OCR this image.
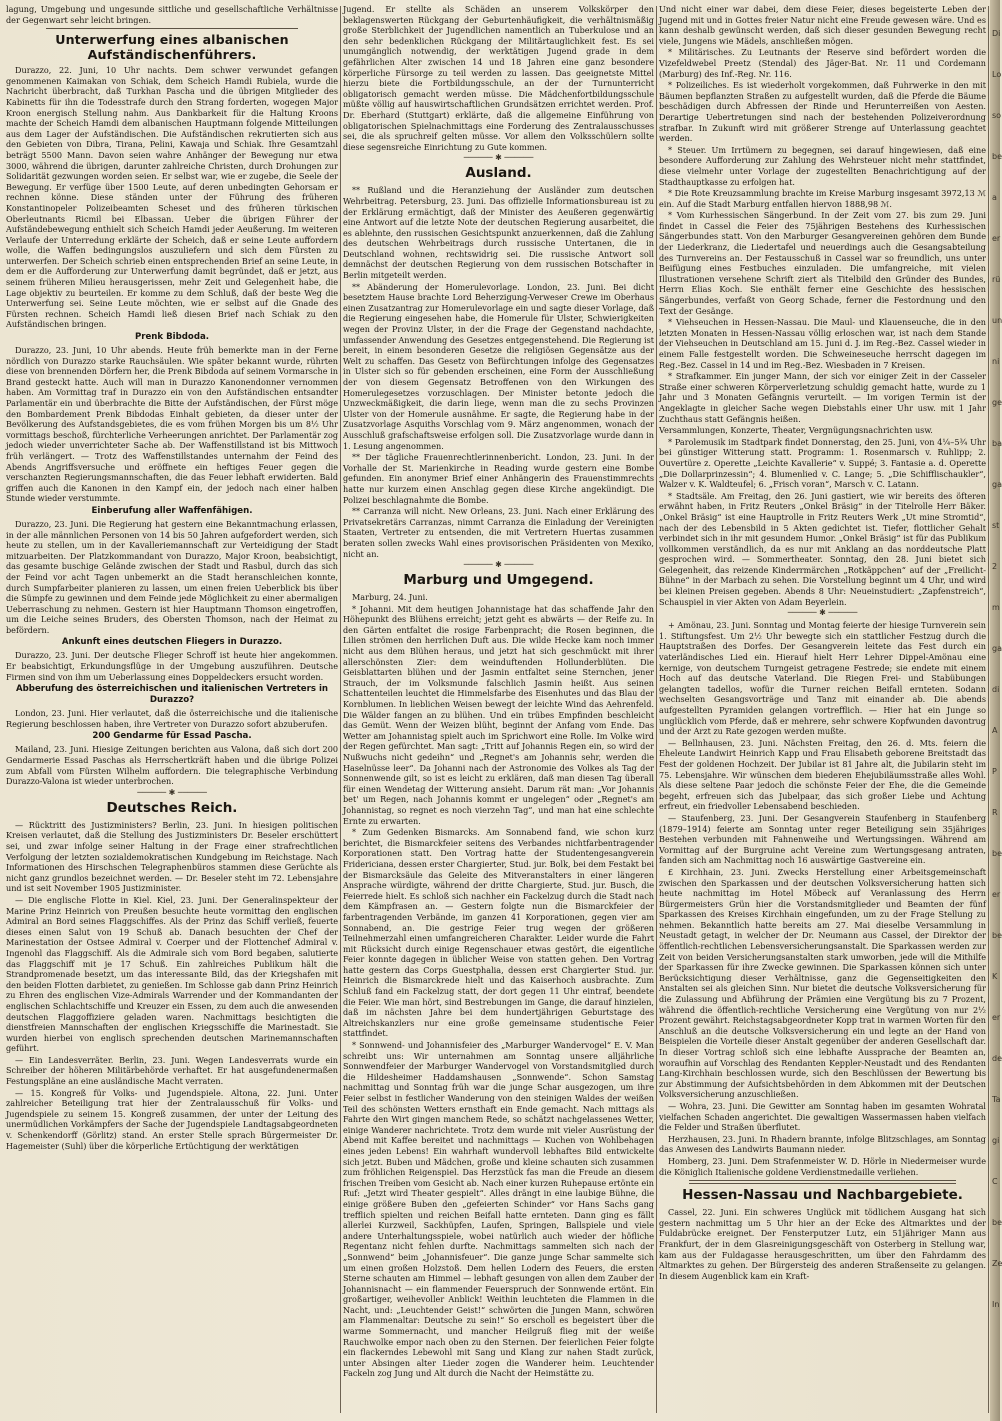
lagung, Umgebung und ungesunde sittliche und gesellschaftliche Verhältnisse der Gegenwart sehr leicht bringen.

Unterwerfung eines albanischen Aufständischenführers.

Durazzo, 22. Juni, 10 Uhr nachts. Dem schwer verwundet gefangen genommenen Kaimakan von Schiak, dem Scheich Hamdi Rubiela, wurde die Nachricht überbracht, daß Turkhan Pascha und die übrigen Mitglieder des Kabinetts für ihn die Todesstrafe durch den Strang forderten, wogegen Major Kroon energisch Stellung nahm. Aus Dankbarkeit für die Haltung Kroons machte der Scheich Hamdi dem albanischen Hauptmann folgende Mitteilungen aus dem Lager der Aufständischen. Die Aufständischen rekrutierten sich aus den Gebieten von Dibra, Tirana, Pelini, Kawaja und Schiak. Ihre Gesamtzahl beträgt 5500 Mann. Davon seien wahre Anhänger der Bewegung nur etwa 3000, während die übrigen, darunter zahlreiche Christen, durch Drohungen zur Solidarität gezwungen worden seien. Er selbst war, wie er zugebe, die Seele der Bewegung. Er verfüge über 1500 Leute, auf deren unbedingten Gehorsam er rechnen könne. Diese ständen unter der Führung des früheren Konstantinopeler Polizeibeamten Scheset und des früheren türkischen Oberleutnants Ricmil bei Elbassan. Ueber die übrigen Führer der Aufständebewegung enthielt sich Scheich Hamdi jeder Aeußerung. Im weiteren Verlaufe der Unterredung erklärte der Scheich, daß er seine Leute auffordern wolle, die Waffen bedingungslos auszuliefern und sich dem Fürsten zu unterwerfen. Der Scheich schrieb einen entsprechenden Brief an seine Leute, in dem er die Aufforderung zur Unterwerfung damit begründet, daß er jetzt, aus seinem früheren Milieu herausgerissen, mehr Zeit und Gelegenheit habe, die Lage objektiv zu beurteilen. Er komme zu dem Schluß, daß der beste Weg die Unterwerfung sei. Seine Leute möchten, wie er selbst auf die Gnade des Fürsten rechnen. Scheich Hamdi ließ diesen Brief nach Schiak zu den Aufständischen bringen.

Prenk Bibdoda.

Durazzo, 23. Juni, 10 Uhr abends. Heute früh bemerkte man in der Ferne nördlich von Durazzo starke Rauchsäulen. Wie später bekannt wurde, rührten diese von brennenden Dörfern her, die Prenk Bibdoda auf seinem Vormarsche in Brand gesteckt hatte. Auch will man in Durazzo Kanonendonner vernommen haben. Am Vormittag traf in Durazzo ein von den Aufständischen entsandter Parlamentär ein und überbrachte die Bitte der Aufständischen, der Fürst möge den Bombardement Prenk Bibdodas Einhalt gebieten, da dieser unter der Bevölkerung des Aufstandsgebietes, die es vom frühen Morgen bis um 8½ Uhr vormittags beschoß, fürchterliche Verheerungen anrichtet. Der Parlamentär zog jedoch wieder unverrichteter Sache ab. Der Waffenstillstand ist bis Mittwoch früh verlängert. — Trotz des Waffenstillstandes unternahm der Feind des Abends Angriffsversuche und eröffnete ein heftiges Feuer gegen die verschanzten Regierungsmannschaften, die das Feuer lebhaft erwiderten. Bald griffen auch die Kanonen in den Kampf ein, der jedoch nach einer halben Stunde wieder verstummte.

Einberufung aller Waffenfähigen.

Durazzo, 23. Juni. Die Regierung hat gestern eine Bekanntmachung erlassen, in der alle männlichen Personen von 14 bis 50 Jahren aufgefordert werden, sich heute zu stellen, um in der Kavalleriemannschaft zur Verteidigung der Stadt mitzuarbeiten. Der Platzkommandant von Durazzo, Major Kroon, beabsichtigt, das gesamte buschige Gelände zwischen der Stadt und Rasbul, durch das sich der Feind vor acht Tagen unbemerkt an die Stadt heranschleichen konnte, durch Sumpfarbeiter planieren zu lassen, um einen freien Ueberblick bis über die Sümpfe zu gewinnen und dem Feinde jede Möglichkeit zu einer abermaligen Ueberraschung zu nehmen. Gestern ist hier Hauptmann Thomson eingetroffen, um die Leiche seines Bruders, des Obersten Thomson, nach der Heimat zu befördern.

Ankunft eines deutschen Fliegers in Durazzo.

Durazzo, 23. Juni. Der deutsche Flieger Schroff ist heute hier angekommen. Er beabsichtigt, Erkundungsflüge in der Umgebung auszuführen. Deutsche Firmen sind von ihm um Ueberlassung eines Doppeldeckers ersucht worden.

Abberufung des österreichischen und italienischen Vertreters in Durazzo?

London, 23. Juni. Hier verlautet, daß die österreichische und die italienische Regierung beschlossen haben, ihre Vertreter von Durazzo sofort abzuberufen.

200 Gendarme für Essad Pascha.

Mailand, 23. Juni. Hiesige Zeitungen berichten aus Valona, daß sich dort 200 Gendarmerie Essad Paschas als Herrschertkräft haben und die übrige Polizei zum Abfall vom Fürsten Wilhelm auffordern. Die telegraphische Verbindung Durazzo-Valona ist wieder unterbrochen.

────── ✱ ──────
Deutsches Reich.

— Rücktritt des Justizministers? Berlin, 23. Juni. In hiesigen politischen Kreisen verlautet, daß die Stellung des Justizministers Dr. Beseler erschüttert sei, und zwar infolge seiner Haltung in der Frage einer strafrechtlichen Verfolgung der letzten sozialdemokratischen Kundgebung im Reichstage. Nach Informationen des Hirschschen Telegraphenbüros stammen diese Gerüchte als nicht ganz grundlos bezeichnet werden. — Dr. Beseler steht im 72. Lebensjahre und ist seit November 1905 Justizminister.

— Die englische Flotte in Kiel. Kiel, 23. Juni. Der Generalinspekteur der Marine Prinz Heinrich von Preußen besuchte heute vormittag den englischen Admiral an Bord seines Flaggschiffes. Als der Prinz das Schiff verließ, feuerte dieses einen Salut von 19 Schuß ab. Danach besuchten der Chef der Marinestation der Ostsee Admiral v. Coerper und der Flottenchef Admiral v. Ingenohl das Flaggschiff. Als die Admirale sich vom Bord begaben, salutierte das Flaggschiff mit je 17 Schuß. Ein zahlreiches Publikum hält die Strandpromenade besetzt, um das interessante Bild, das der Kriegshafen mit den beiden Flotten darbietet, zu genießen. Im Schlosse gab dann Prinz Heinrich zu Ehren des englischen Vize-Admirals Warrender und der Kommandanten der englischen Schlachtschiffe und Kreuzer ein Essen, zu dem auch die anwesenden deutschen Flaggoffiziere geladen waren. Nachmittags besichtigten die dienstfreien Mannschaften der englischen Kriegsschiffe die Marinestadt. Sie wurden hierbei von englisch sprechenden deutschen Marinemannschaften geführt.

— Ein Landesverräter. Berlin, 23. Juni. Wegen Landesverrats wurde ein Schreiber der höheren Militärbehörde verhaftet. Er hat ausgefundenermaßen Festungspläne an eine ausländische Macht verraten.

— 15. Kongreß für Volks- und Jugendspiele. Altona, 22. Juni. Unter zahlreicher Beteiligung trat hier der Zentralausschuß für Volks- und Jugendspiele zu seinem 15. Kongreß zusammen, der unter der Leitung des unermüdlichen Vorkämpfers der Sache der Jugendspiele Landtagsabgeordneten v. Schenkendorff (Görlitz) stand. An erster Stelle sprach Bürgermeister Dr. Hagemeister (Suhl) über die körperliche Ertüchtigung der werktätigen

Jugend. Er stellte als Schäden an unserem Volkskörper den beklagenswerten Rückgang der Geburtenhäufigkeit, die verhältnismäßig große Sterblichkeit der Jugendlichen namentlich an Tuberkulose und an den sehr bedenklichen Rückgang der Militärtauglichkeit fest. Es sei unumgänglich notwendig, der werktätigen Jugend grade in dem gefährlichen Alter zwischen 14 und 18 Jahren eine ganz besondere körperliche Fürsorge zu teil werden zu lassen. Das geeignetste Mittel hierzu biete die Fortbildungsschule, an der der Turnunterricht obligatorisch gemacht werden müsse. Die Mädchenfortbildungsschule müßte völlig auf hauswirtschaftlichen Grundsätzen errichtet werden. Prof. Dr. Eberhard (Stuttgart) erklärte, daß die allgemeine Einführung von obligatorischen Spielnachmittags eine Forderung des Zentralausschusses sei, die als spruchreif gelten müsse. Vor allem den Volksschülern sollte diese segensreiche Einrichtung zu Gute kommen.

────── ✱ ──────
Ausland.

** Rußland und die Heranziehung der Ausländer zum deutschen Wehrbeitrag. Petersburg, 23. Juni. Das offizielle Informationsbureau ist zu der Erklärung ermächtigt, daß der Minister des Aeußeren gegenwärtig eine Antwort auf die letzte Note der deutschen Regierung ausarbeitet, die es ablehnte, den russischen Gesichtspunkt anzuerkennen, daß die Zahlung des deutschen Wehrbeitrags durch russische Untertanen, die in Deutschland wohnen, rechtswidrig sei. Die russische Antwort soll demnächst der deutschen Regierung von dem russischen Botschafter in Berlin mitgeteilt werden.

** Abänderung der Homerulevorlage. London, 23. Juni. Bei dicht besetztem Hause brachte Lord Beherzigung-Verweser Crewe im Oberhaus einen Zusatzantrag zur Homerulevorlage ein und sagte dieser Vorlage, daß die Regierung eingesehen habe, die Homerule für Ulster, Schwierigkeiten wegen der Provinz Ulster, in der die Frage der Gegenstand nachdachte, umfassender Anwendung des Gesetzes entgegenstehend. Die Regierung ist bereit, in einem besonderen Gesetze die religiösen Gegensätze aus der Welt zu schaffen. Das Gesetz von Befürchtungen infolge des Gegensatzes in Ulster sich so für gebenden erscheinen, eine Form der Ausschließung der von diesem Gegensatz Betroffenen von den Wirkungen des Homerulegesetzes vorzuschlagen. Der Minister betonte jedoch die Unzweckmäßigkeit, die darin liege, wenn man die zu sechs Provinzen Ulster von der Homerule ausnähme. Er sagte, die Regierung habe in der Zusatzvorlage Asquiths Vorschlag vom 9. März angenommen, wonach der Ausschluß grafschaftsweise erfolgen soll. Die Zusatzvorlage wurde dann in 1. Lesung angenommen.

** Der tägliche Frauenrechtlerinnenbericht. London, 23. Juni. In der Vorhalle der St. Marienkirche in Reading wurde gestern eine Bombe gefunden. Ein anonymer Brief einer Anhängerin des Frauenstimmrechts hatte nur kurzem einen Anschlag gegen diese Kirche angekündigt. Die Polizei beschlagnahmte die Bombe.

** Carranza will nicht. New Orleans, 23. Juni. Nach einer Erklärung des Privatsekretärs Carranzas, nimmt Carranza die Einladung der Vereinigten Staaten, Vertreter zu entsenden, die mit Vertretern Huertas zusammen beraten sollen zwecks Wahl eines provisorischen Präsidenten von Mexiko, nicht an.

────── ✱ ──────
Marburg und Umgegend.

Marburg, 24. Juni.

* Johanni. Mit dem heutigen Johannistage hat das schaffende Jahr den Höhepunkt des Blühens erreicht; jetzt geht es abwärts — der Reife zu. In den Gärten entfaltet die rosige Farbenpracht; die Rosen beginnen, die Lilien strömen den herrlichen Duft aus. Die wilde Hecke kam noch immer nicht aus dem Blühen heraus, und jetzt hat sich geschmückt mit ihrer allerschönsten Zier: dem weinduftenden Hollunderblüten. Die Geisblattarten blühen und der Jasmin entfaltet seine Sternchen, jener Strauch, der im Volksmunde falschlich Jasmin heißt. Aus seinen Schattenteilen leuchtet die Himmelsfarbe des Eisenhutes und das Blau der Kornblumen. In lieblichen Weisen bewegt der leichte Wind das Aehrenfeld. Die Wälder fangen an zu blühen. Und ein trübes Empfinden beschleicht das Gemüt. Wenn der Weizen blüht, beginnt der Anfang vom Ende. Das Wetter am Johannistag spielt auch im Sprichwort eine Rolle. Im Volke wird der Regen gefürchtet. Man sagt: „Tritt auf Johannis Regen ein, so wird der Nußwuchs nicht gedeihn“ und „Regnet's am Johannis sehr, werden die Haselnüsse leer“. Da Johanni nach der Astronomie des Volkes als Tag der Sonnenwende gilt, so ist es leicht zu erklären, daß man diesen Tag überall für einen Wendetag der Witterung ansieht. Darum rät man: „Vor Johannis bet' um Regen, nach Johannis kommt er ungelegen“ oder „Regnet's am Johannistag, so regnet es noch vierzehn Tag“, und man hat eine schlechte Ernte zu erwarten.

* Zum Gedenken Bismarcks. Am Sonnabend fand, wie schon kurz berichtet, die Bismarckfeier seitens des Verbandes nichtfarbentragender Korporationen statt. Den Vortrag hatte der Studentengesangverein Fridericiana, dessen erster Chargierter, Stud. jur. Bolk, bei dem Festakt bei der Bismarcksäule das Geleite des Mitveranstalters in einer längeren Ansprache würdigte, während der dritte Chargierte, Stud. jur. Busch, die Feierrede hielt. Es schloß sich nachher ein Fackelzug durch die Stadt nach dem Kämpfrasen an. — Gestern folgte nun die Bismarckfeier der farbentragenden Verbände, im ganzen 41 Korporationen, gegen vier am Sonnabend, an. Die gestrige Feier trug wegen der größeren Teilnehmerzahl einen umfangreicheren Charakter. Leider wurde die Fahrt mit Rücksicht durch einige Regenschauer etwas gestört, die eigentliche Feier konnte dagegen in üblicher Weise von statten gehen. Den Vortrag hatte gestern das Corps Guestphalia, dessen erst Chargierter Stud. jur. Heinrich die Bismarckrede hielt und das Kaiserhoch ausbrachte. Zum Schluß fand ein Fackelzug statt, der dort gegen 11 Uhr eintraf, beendete die Feier. Wie man hört, sind Bestrebungen im Gange, die darauf hinzielen, daß im nächsten Jahre bei dem hundertjährigen Geburtstage des Altreichskanzlers nur eine große gemeinsame studentische Feier stattfindet.

* Sonnwend- und Johannisfeier des „Marburger Wandervogel“ E. V. Man schreibt uns: Wir unternahmen am Sonntag unsere alljährliche Sonnwendfeier der Marburger Wandervogel von Vorstandsmitglied durch die Hildesheimer Haddamshausen „Sonnwende“. Schon Samstag nachmittag und Sonntag früh war die junge Schar ausgezogen, um ihre Feier selbst in festlicher Wanderung von den steinigen Waldes der weißen Teil des schönsten Wetters ernsthaft ein Ende gemacht. Nach mittags als Fahrte den Wirt gingen manchem Rede, so schätzt nachgelassenes Wetter, einige Wanderer nachrichtete. Trotz dem wurde mit vieler Ausrüstung der Abend mit Kaffee bereitet und nachmittags — Kuchen von Wohlbehagen eines jeden Lebens! Ein wahrhaft wundervoll lebhaftes Bild entwickelte sich jetzt. Buben und Mädchen, große und kleine schauten sich zusammen zum fröhlichen Reigenspiel. Das Herzstück fas man die Freude an diesem frischen Treiben vom Gesicht ab. Nach einer kurzen Ruhepause ertönte ein Ruf: „Jetzt wird Theater gespielt“. Alles drängt in eine laubige Bühne, die einige größere Buben den „gefeierten Schinder“ vor Hans Sachs gang trefflich spielten und reichen Beifall hatte ernteten. Dann ging es fällt allerlei Kurzweil, Sackhüpfen, Laufen, Springen, Ballspiele und viele andere Unterhaltungsspiele, wobei natürlich auch wieder der höfliche Regentanz nicht fehlen durfte. Nachmittags sammelten sich nach der „Sonnwend“ beim „Johannisfeuer“. Die ganze junge Schar sammelte sich um einen großen Holzstoß. Dem hellen Lodern des Feuers, die ersten Sterne schauten am Himmel — lebhaft gesungen von allen dem Zauber der Johannisnacht — ein flammender Feuerspruch der Sonnwende ertönt. Ein großartiger, weihevoller Anblick! Weithin leuchteten die Flammen in die Nacht, und: „Leuchtender Geist!“ schwörten die Jungen Mann, schwören am Flammenaltar: Deutsche zu sein!“ So erscholl es begeistert über die warme Sommernacht, und mancher Heilgruß flieg mit der weiße Rauchwolke empor nach oben zu den Sternen. Der feierlichen Feier folgte ein flackerndes Lebewohl mit Sang und Klang zur nahen Stadt zurück, unter Absingen alter Lieder zogen die Wanderer heim. Leuchtender Fackeln zog Jung und Alt durch die Nacht der Heimstätte zu.

Und nicht einer war dabei, dem diese Feier, dieses begeisterte Leben der Jugend mit und in Gottes freier Natur nicht eine Freude gewesen wäre. Und es kann deshalb gewünscht werden, daß sich dieser gesunden Bewegung recht viele, Jungens wie Mädels, anschließen mögen.

* Militärisches. Zu Leutnants der Reserve sind befördert worden die Vizefeldwebel Preetz (Stendal) des Jäger-Bat. Nr. 11 und Cordemann (Marburg) des Inf.-Reg. Nr. 116.

* Polizeiliches. Es ist wiederholt vorgekommen, daß Fuhrwerke in den mit Bäumen bepflanzten Straßen zu aufgestellt wurden, daß die Pferde die Bäume beschädigen durch Abfressen der Rinde und Herunterreißen von Aesten. Derartige Uebertretungen sind nach der bestehenden Polizeiverordnung strafbar. In Zukunft wird mit größerer Strenge auf Unterlassung geachtet werden.

* Steuer. Um Irrtümern zu begegnen, sei darauf hingewiesen, daß eine besondere Aufforderung zur Zahlung des Wehrsteuer nicht mehr stattfindet, diese vielmehr unter Vorlage der zugestellten Benachrichtigung auf der Stadthauptkasse zu erfolgen hat.

* Die Rote Kreuzsammlung brachte im Kreise Marburg insgesamt 3972,13 ℳ ein. Auf die Stadt Marburg entfallen hiervon 1888,98 ℳ.

* Vom Kurhessischen Sängerbund. In der Zeit vom 27. bis zum 29. Juni findet in Cassel die Feier des 75jährigen Bestehens des Kurhessischen Sängerbundes statt. Von den Marburger Gesangvereinen gehören dem Bunde der Liederkranz, die Liedertafel und neuerdings auch die Gesangsabteilung des Turnvereins an. Der Festausschuß in Cassel war so freundlich, uns unter Beifügung eines Festbuches einzuladen. Die umfangreiche, mit vielen Illustrationen versehene Schrift ziert als Titelbild den Gründer des Bundes, Herrn Elias Koch. Sie enthält ferner eine Geschichte des hessischen Sängerbundes, verfaßt von Georg Schade, ferner die Festordnung und den Text der Gesänge.

* Viehseuchen in Hessen-Nassau. Die Maul- und Klauenseuche, die in den letzten Monaten in Hessen-Nassau völlig erloschen war, ist nach dem Stande der Viehseuchen in Deutschland am 15. Juni d. J. im Reg.-Bez. Cassel wieder in einem Falle festgestellt worden. Die Schweineseuche herrscht dagegen im Reg.-Bez. Cassel in 14 und im Reg.-Bez. Wiesbaden in 7 Kreisen.

* Strafkammer. Ein junger Mann, der sich vor einiger Zeit in der Casseler Straße einer schweren Körperverletzung schuldig gemacht hatte, wurde zu 1 Jahr und 3 Monaten Gefängnis verurteilt. — Im vorigen Termin ist der Angeklagte in gleicher Sache wegen Diebstahls einer Uhr usw. mit 1 Jahr Zuchthaus statt Gefängnis heißen.

Versammlungen, Konzerte, Theater, Vergnügungsnachrichten usw.

* Parolemusik im Stadtpark findet Donnerstag, den 25. Juni, von 4¼–5¾ Uhr bei günstiger Witterung statt. Programm: 1. Rosenmarsch v. Ruhlipp; 2. Ouvertüre z. Operette „Leichte Kavallerie“ v. Suppé; 3. Fantasie a. d. Operette „Die Dollarprinzessin“; 4. Blumenlied v. C. Lange; 5. „Die Schifflischaukler“, Walzer v. K. Waldteufel; 6. „Frisch voran“, Marsch v. C. Latann.

* Stadtsäle. Am Freitag, den 26. Juni gastiert, wie wir bereits des öfteren erwähnt haben, in Fritz Reuters „Onkel Bräsig“ in der Titelrolle Herr Bäker. „Onkel Bräsig“ ist eine Hauptrolle in Fritz Reuters Werk „Ut mine Stromtid“, nach der des Lebensbild in 5 Akten gedichtet ist. Tiefer, flottlicher Gehalt verbindet sich in ihr mit gesundem Humor. „Onkel Bräsig“ ist für das Publikum vollkommen verständlich, da es nur mit Anklang an das norddeutsche Platt gesprochen wird. — Sommertheater. Sonntag, den 28. Juni bietet sich Gelegenheit, das reizende Kinderrmärchen „Rotkäppchen“ auf der „Freilicht-Bühne“ in der Marbach zu sehen. Die Vorstellung beginnt um 4 Uhr, und wird bei kleinen Preisen gegeben. Abends 8 Uhr: Neueinstudiert: „Zapfenstreich“, Schauspiel in vier Akten von Adam Beyerlein.

────── ✱ ──────

+ Amönau, 23. Juni. Sonntag und Montag feierte der hiesige Turnverein sein 1. Stiftungsfest. Um 2½ Uhr bewegte sich ein stattlicher Festzug durch die Hauptstraßen des Dorfes. Der Gesangverein leitete das Fest durch ein vaterländisches Lied ein. Hierauf hielt Herr Lehrer Dippel-Amönau eine kernige, von deutschem Turngeist getragene Festrede; sie endete mit einem Hoch auf das deutsche Vaterland. Die Riegen Frei- und Stabübungen gelangten tadellos, wofür die Turner reichen Beifall ernteten. Sodann wechselten Gesangsvorträge und Tanz mit einander ab. Die abends aufgestellten Pyramiden gelangen vortrefflich. — Hier hat ein Junge so unglücklich vom Pferde, daß er mehrere, sehr schwere Kopfwunden davontrug und der Arzt zu Rate gezogen werden mußte.

— Bellnhausen, 23. Juni. Nächsten Freitag, den 26. d. Mts. feiern die Eheleute Landwirt Heinrich Kapp und Frau Elisabeth geborene Breitstadt das Fest der goldenen Hochzeit. Der Jubilar ist 81 Jahre alt, die Jubilarin steht im 75. Lebensjahre. Wir wünschen dem biederen Ehejubiläumsstraße alles Wohl. Als diese seltene Paar jedoch die schönste Feier der Ehe, die die Gemeinde begeht, erfreuen sich das Jubelpaar, das sich großer Liebe und Achtung erfreut, ein friedvoller Lebensabend beschieden.

— Staufenberg, 23. Juni. Der Gesangverein Staufenberg in Staufenberg (1879–1914) feierte am Sonntag unter reger Beteiligung sein 35jähriges Bestehen verbunden mit Fahnenweihe und Wertungssingen. Während am Vormittag auf der Burgruine acht Vereine zum Wertungsgesang antraten, fanden sich am Nachmittag noch 16 auswärtige Gastvereine ein.

£ Kirchhain, 23. Juni. Zwecks Herstellung einer Arbeitsgemeinschaft zwischen den Sparkassen und der deutschen Volksversicherung hatten sich heute nachmittag im Hotel Möbeck auf Veranlassung des Herrn Bürgermeisters Grün hier die Vorstandsmitglieder und Beamten der fünf Sparkassen des Kreises Kirchhain eingefunden, um zu der Frage Stellung zu nehmen. Bekanntlich hatte bereits am 27. Mai dieselbe Versammlung in Neustadt getagt, in welcher der Dr. Neumann aus Cassel, der Direktor der öffentlich-rechtlichen Lebensversicherungsanstalt. Die Sparkassen werden zur Zeit von beiden Versicherungsanstalten stark umworben, jede will die Mithilfe der Sparkassen für ihre Zwecke gewinnen. Die Sparkassen können sich unter Berücksichtigung dieser Verhältnisse, ganz die Gegenseitigkeiten den Anstalten sei als gleichen Sinn. Nur bietet die deutsche Volksversicherung für die Zulassung und Abführung der Prämien eine Vergütung bis zu 7 Prozent, während die öffentlich-rechtliche Versicherung eine Vergütung von nur 2½ Prozent gewährt. Reichstagsabgeordneter Kopp trat in warmen Worten für den Anschluß an die deutsche Volksversicherung ein und legte an der Hand von Beispielen die Vorteile dieser Anstalt gegenüber der anderen Gesellschaft dar. In dieser Vortrag schloß sich eine lebhafte Aussprache der Beamten an, woraufhin auf Vorschlag des Rendanten Keppler-Neustadt und des Rendanten Lang-Kirchhain beschlossen wurde, sich den Beschlüssen der Bewertung bis zur Abstimmung der Aufsichtsbehörden in dem Abkommen mit der Deutschen Volksversicherung anzuschließen.

— Wohra, 23. Juni. Die Gewitter am Sonntag haben im gesamten Wohratal vielfachen Schaden angerichtet. Die gewaltigen Wassermassen haben vielfach die Felder und Straßen überflutet.

Herzhausen, 23. Juni. In Rhadern brannte, infolge Blitzschlages, am Sonntag das Anwesen des Landwirts Baumann nieder.

Homberg, 23. Juni. Dem Strafenmeister W. D. Hörle in Niedermeiser wurde die Königlich Italienische goldene Verdienstmedaille verliehen.

Hessen-Nassau und Nachbargebiete.

Cassel, 22. Juni. Ein schweres Unglück mit tödlichem Ausgang hat sich gestern nachmittag um 5 Uhr hier an der Ecke des Altmarktes und der Fuldabrücke ereignet. Der Fensterputzer Lutz, ein 51jähriger Mann aus Frankfurt, der in dem Glasreinigungsgeschäft von Osterberg in Stellung war, kam aus der Fuldagasse herausgeschritten, um über den Fahrdamm des Altmarktes zu gehen. Der Bürgersteig des anderen Straßenseite zu gelangen. In diesem Augenblick kam ein Kraft-

Di
Lo
so
be
a
er
rü
un
ni
ge
ba
ga
st
2
m
ga
di
A
P
R
be
er
be
K
er
de
Ta
gi
C
be
Ze
In
